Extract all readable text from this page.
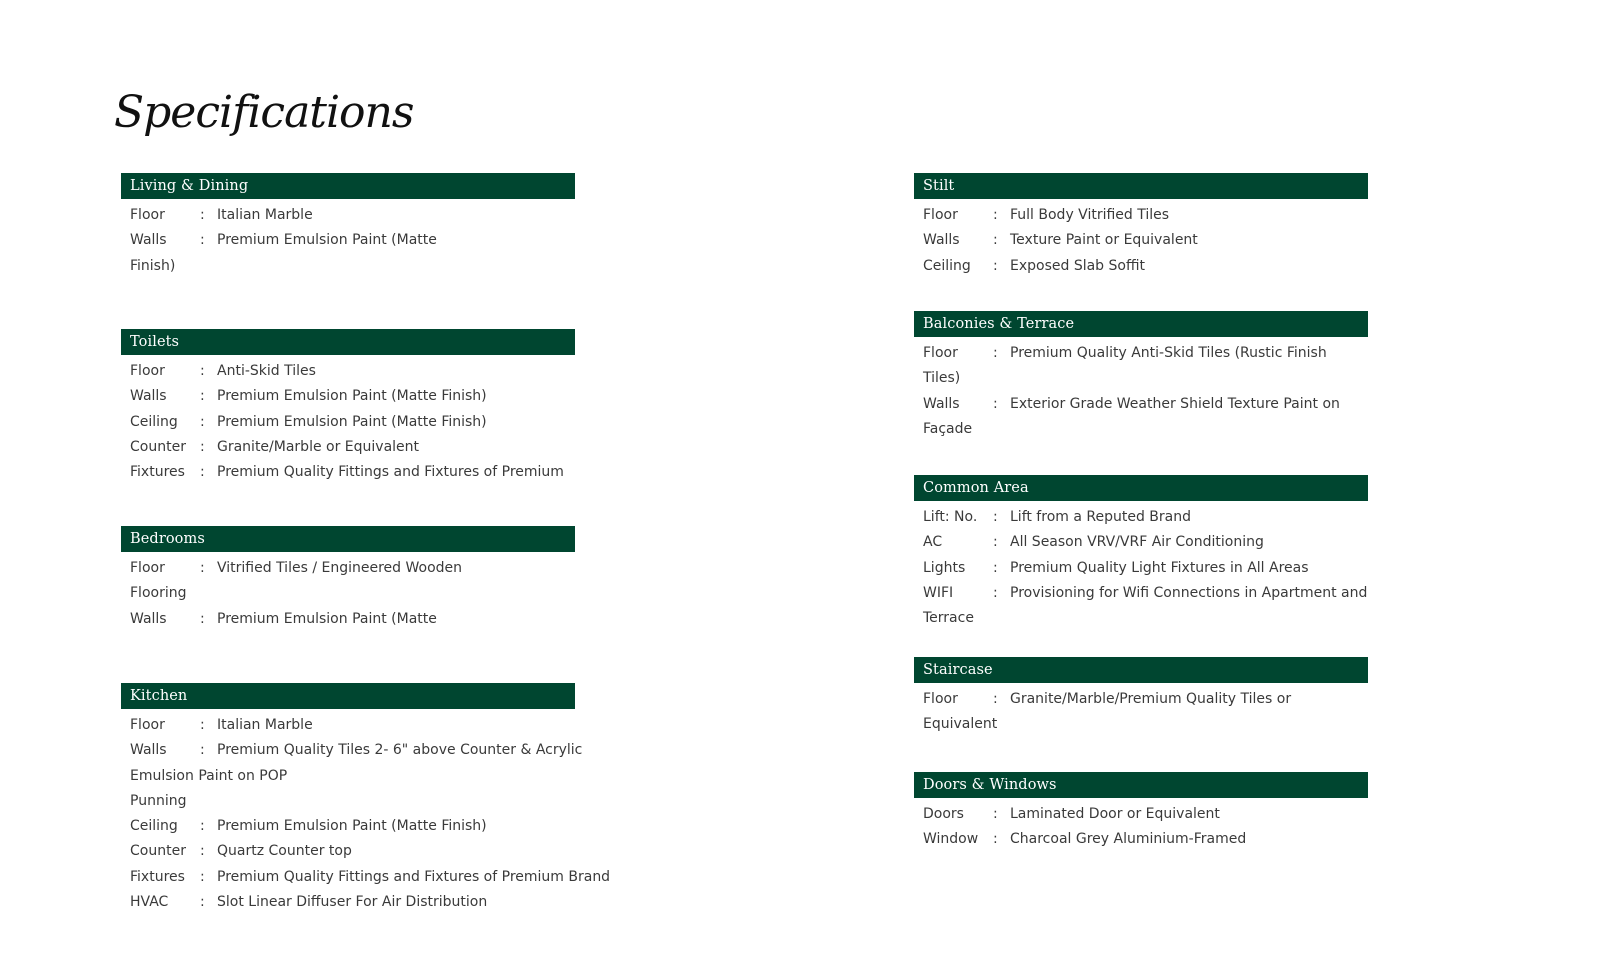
Specifications
Living & Dining
Floor	: Italian Marble
Walls : Premium Emulsion Paint (Matte
Finish)
Toilets
Floor	: Anti-Skid Tiles
Walls : Premium Emulsion Paint (Matte Finish)
Ceiling : Premium Emulsion Paint (Matte Finish)
Counter : Granite/Marble or Equivalent
Fixtures : Premium Quality Fittings and Fixtures of Premium
Bedrooms
Floor	: Vitrified Tiles / Engineered Wooden
Flooring
Walls : Premium Emulsion Paint (Matte
Kitchen
Floor	: Italian Marble
Walls : Premium Quality Tiles 2- 6" above Counter & Acrylic Emulsion Paint on POP
Punning
Ceiling : Premium Emulsion Paint (Matte Finish)
Counter : Quartz Counter top
Fixtures : Premium Quality Fittings and Fixtures of Premium Brand
HVAC : Slot Linear Diffuser For Air Distribution
Stilt
Floor	: Full Body Vitrified Tiles
Walls : Texture Paint or Equivalent
Ceiling : Exposed Slab Soffit
Balconies & Terrace
Floor	: Premium Quality Anti-Skid Tiles (Rustic Finish
Tiles)
Walls : Exterior Grade Weather Shield Texture Paint on
Façade
Common Area
Lift: No. : Lift from a Reputed Brand
AC	: All Season VRV/VRF Air Conditioning
Lights : Premium Quality Light Fixtures in All Areas
WIFI	: Provisioning for Wifi Connections in Apartment and
Terrace
Staircase
Floor	: Granite/Marble/Premium Quality Tiles or
Equivalent
Doors & Windows
Doors : Laminated Door or Equivalent
Window : Charcoal Grey Aluminium-Framed
